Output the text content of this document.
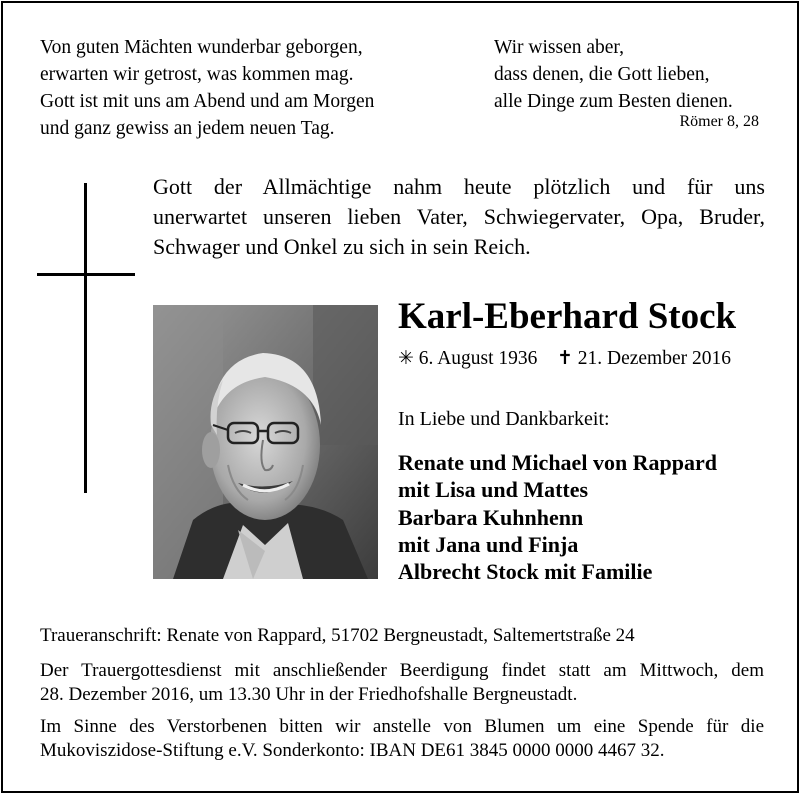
Von guten Mächten wunderbar geborgen,
erwarten wir getrost, was kommen mag.
Gott ist mit uns am Abend und am Morgen
und ganz gewiss an jedem neuen Tag.
Wir wissen aber,
dass denen, die Gott lieben,
alle Dinge zum Besten dienen.
Römer 8, 28
Gott der Allmächtige nahm heute plötzlich und für uns
unerwartet unseren lieben Vater, Schwiegervater, Opa, Bruder,
Schwager und Onkel zu sich in sein Reich.
Karl-Eberhard Stock
✳ 6. August 1936 ✝ 21. Dezember 2016
In Liebe und Dankbarkeit:
Renate und Michael von Rappard
mit Lisa und Mattes
Barbara Kuhnhenn
mit Jana und Finja
Albrecht Stock mit Familie
Traueranschrift: Renate von Rappard, 51702 Bergneustadt, Saltemertstraße 24
Der Trauergottesdienst mit anschließender Beerdigung findet statt am Mittwoch, dem
28. Dezember 2016, um 13.30 Uhr in der Friedhofshalle Bergneustadt.
Im Sinne des Verstorbenen bitten wir anstelle von Blumen um eine Spende für die
Mukoviszidose-Stiftung e.V. Sonderkonto: IBAN DE61 3845 0000 0000 4467 32.
